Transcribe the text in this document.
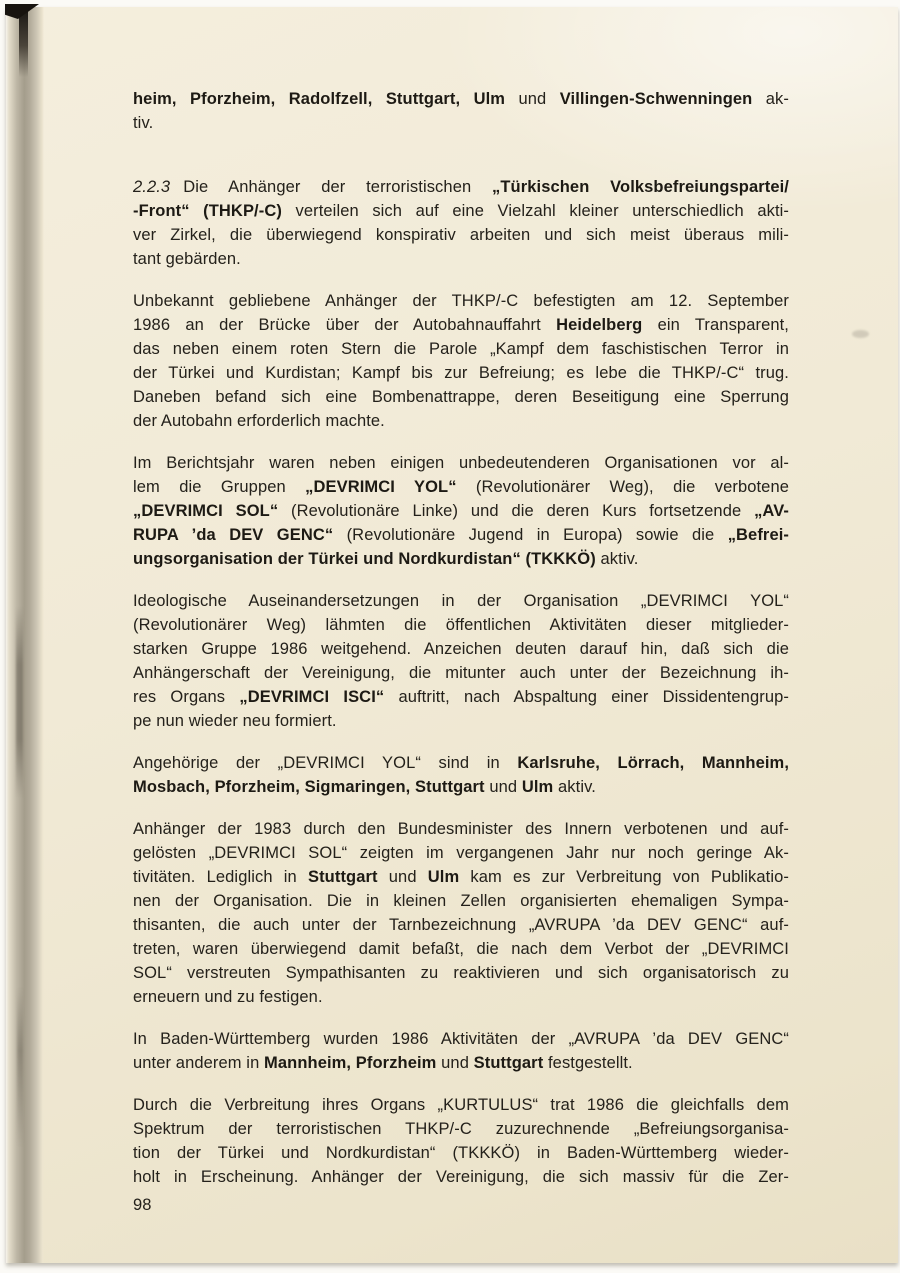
heim, Pforzheim, Radolfzell, Stuttgart, Ulm und Villingen-Schwenningen ak-
tiv.
2.2.3 Die Anhänger der terroristischen „Türkischen Volksbefreiungspartei/
-Front“ (THKP/-C) verteilen sich auf eine Vielzahl kleiner unterschiedlich akti-
ver Zirkel, die überwiegend konspirativ arbeiten und sich meist überaus mili-
tant gebärden.
Unbekannt gebliebene Anhänger der THKP/-C befestigten am 12. September
1986 an der Brücke über der Autobahnauffahrt Heidelberg ein Transparent,
das neben einem roten Stern die Parole „Kampf dem faschistischen Terror in
der Türkei und Kurdistan; Kampf bis zur Befreiung; es lebe die THKP/-C“ trug.
Daneben befand sich eine Bombenattrappe, deren Beseitigung eine Sperrung
der Autobahn erforderlich machte.
Im Berichtsjahr waren neben einigen unbedeutenderen Organisationen vor al-
lem die Gruppen „DEVRIMCI YOL“ (Revolutionärer Weg), die verbotene
„DEVRIMCI SOL“ (Revolutionäre Linke) und die deren Kurs fortsetzende „AV-
RUPA ’da DEV GENC“ (Revolutionäre Jugend in Europa) sowie die „Befrei-
ungsorganisation der Türkei und Nordkurdistan“ (TKKKÖ) aktiv.
Ideologische Auseinandersetzungen in der Organisation „DEVRIMCI YOL“
(Revolutionärer Weg) lähmten die öffentlichen Aktivitäten dieser mitglieder-
starken Gruppe 1986 weitgehend. Anzeichen deuten darauf hin, daß sich die
Anhängerschaft der Vereinigung, die mitunter auch unter der Bezeichnung ih-
res Organs „DEVRIMCI ISCI“ auftritt, nach Abspaltung einer Dissidentengrup-
pe nun wieder neu formiert.
Angehörige der „DEVRIMCI YOL“ sind in Karlsruhe, Lörrach, Mannheim,
Mosbach, Pforzheim, Sigmaringen, Stuttgart und Ulm aktiv.
Anhänger der 1983 durch den Bundesminister des Innern verbotenen und auf-
gelösten „DEVRIMCI SOL“ zeigten im vergangenen Jahr nur noch geringe Ak-
tivitäten. Lediglich in Stuttgart und Ulm kam es zur Verbreitung von Publikatio-
nen der Organisation. Die in kleinen Zellen organisierten ehemaligen Sympa-
thisanten, die auch unter der Tarnbezeichnung „AVRUPA ’da DEV GENC“ auf-
treten, waren überwiegend damit befaßt, die nach dem Verbot der „DEVRIMCI
SOL“ verstreuten Sympathisanten zu reaktivieren und sich organisatorisch zu
erneuern und zu festigen.
In Baden-Württemberg wurden 1986 Aktivitäten der „AVRUPA ’da DEV GENC“
unter anderem in Mannheim, Pforzheim und Stuttgart festgestellt.
Durch die Verbreitung ihres Organs „KURTULUS“ trat 1986 die gleichfalls dem
Spektrum der terroristischen THKP/-C zuzurechnende „Befreiungsorganisa-
tion der Türkei und Nordkurdistan“ (TKKKÖ) in Baden-Württemberg wieder-
holt in Erscheinung. Anhänger der Vereinigung, die sich massiv für die Zer-
98
